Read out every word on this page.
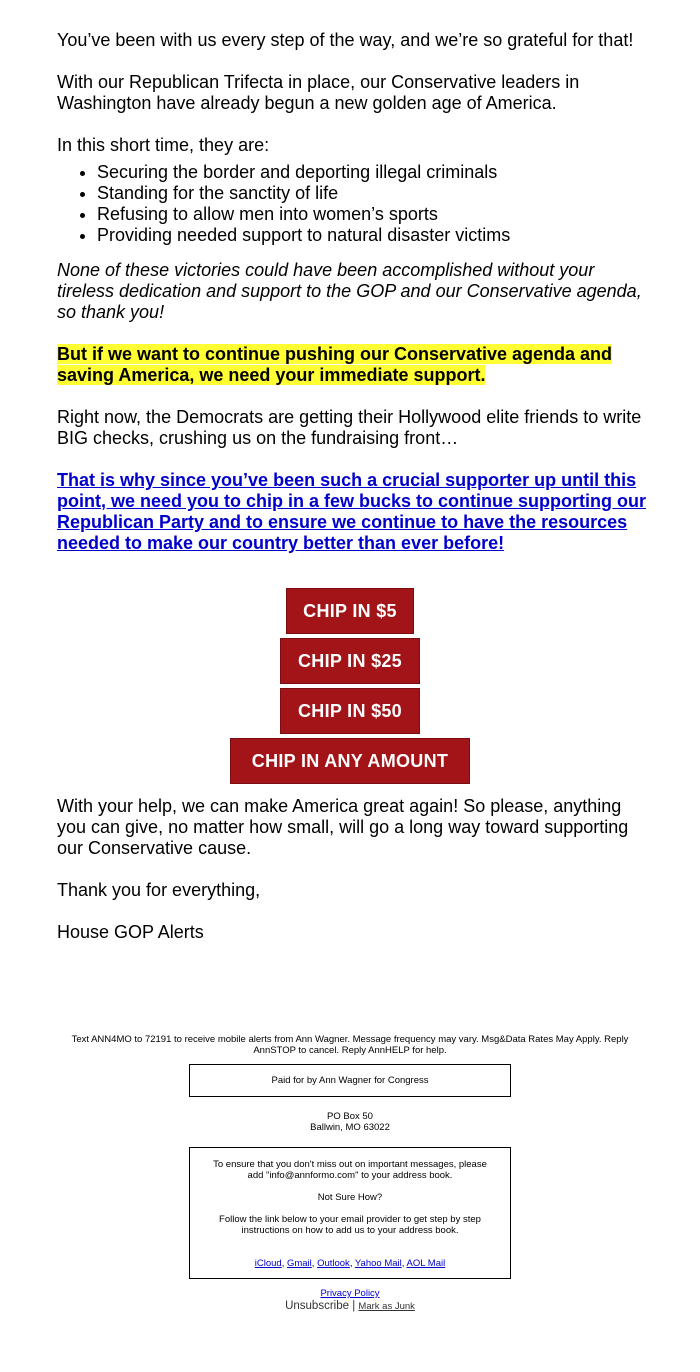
You’ve been with us every step of the way, and we’re so grateful for that!

With our Republican Trifecta in place, our Conservative leaders in Washington have already begun a new golden age of America.

In this short time, they are:

• Securing the border and deporting illegal criminals
• Standing for the sanctity of life
• Refusing to allow men into women’s sports
• Providing needed support to natural disaster victims

None of these victories could have been accomplished without your tireless dedication and support to the GOP and our Conservative agenda, so thank you!

But if we want to continue pushing our Conservative agenda and saving America, we need your immediate support.

Right now, the Democrats are getting their Hollywood elite friends to write BIG checks, crushing us on the fundraising front…

That is why since you’ve been such a crucial supporter up until this point, we need you to chip in a few bucks to continue supporting our Republican Party and to ensure we continue to have the resources needed to make our country better than ever before!
CHIP IN $5
CHIP IN $25
CHIP IN $50
CHIP IN ANY AMOUNT

With your help, we can make America great again! So please, anything you can give, no matter how small, will go a long way toward supporting our Conservative cause.

Thank you for everything,

House GOP Alerts

Text ANN4MO to 72191 to receive mobile alerts from Ann Wagner. Message frequency may vary. Msg&Data Rates May Apply. Reply AnnSTOP to cancel. Reply AnnHELP for help.
Paid for by Ann Wagner for Congress
PO Box 50
Ballwin, MO 63022
To ensure that you don't miss out on important messages, please add "info@annformo.com" to your address book.
Not Sure How?
Follow the link below to your email provider to get step by step instructions on how to add us to your address book.
iCloud, Gmail, Outlook, Yahoo Mail, AOL Mail
Privacy Policy
Unsubscribe | Mark as Junk
